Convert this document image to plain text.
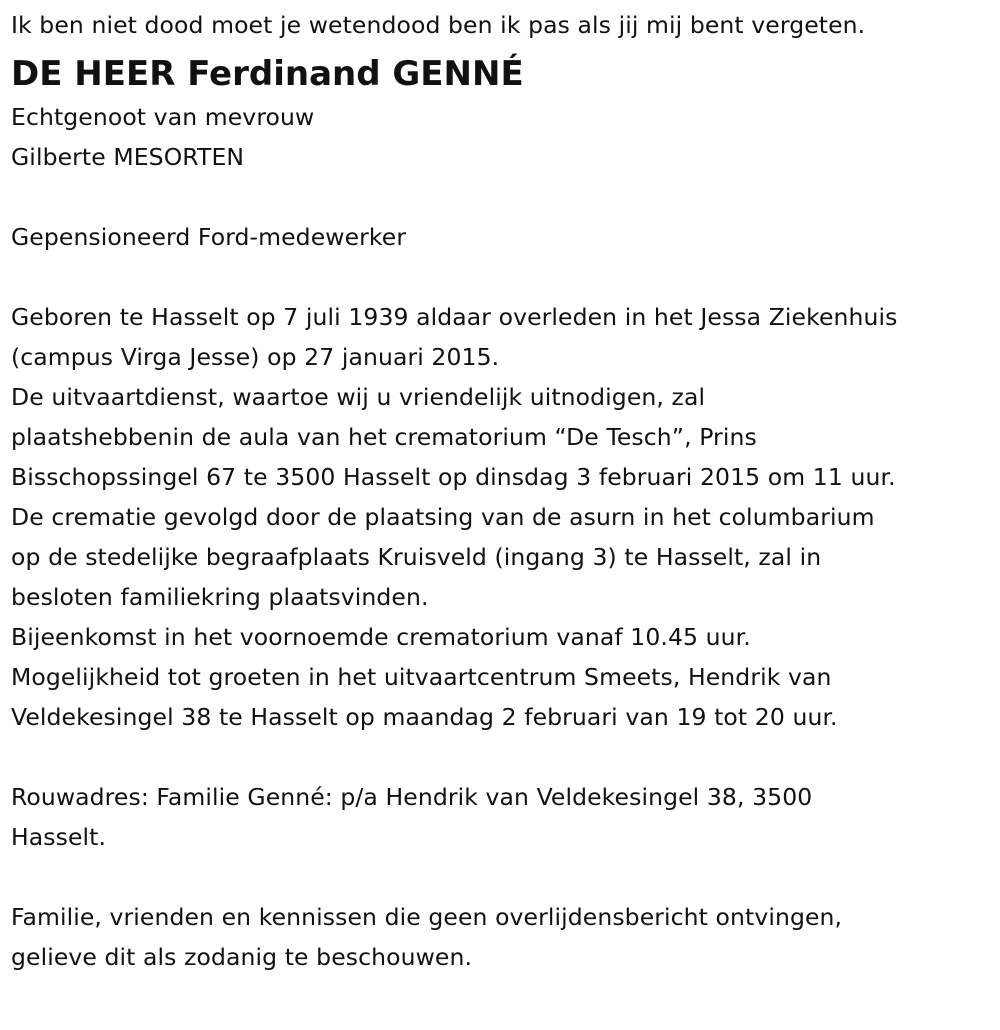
Ik ben niet dood moet je wetendood ben ik pas als jij mij bent vergeten.
DE HEER Ferdinand GENNÉ
Echtgenoot van mevrouw
Gilberte MESORTEN
Gepensioneerd Ford-medewerker
Geboren te Hasselt op 7 juli 1939 aldaar overleden in het Jessa Ziekenhuis
(campus Virga Jesse) op 27 januari 2015.
De uitvaartdienst, waartoe wij u vriendelijk uitnodigen, zal
plaatshebbenin de aula van het crematorium “De Tesch”, Prins
Bisschopssingel 67 te 3500 Hasselt op dinsdag 3 februari 2015 om 11 uur.
De crematie gevolgd door de plaatsing van de asurn in het columbarium
op de stedelijke begraafplaats Kruisveld (ingang 3) te Hasselt, zal in
besloten familiekring plaatsvinden.
Bijeenkomst in het voornoemde crematorium vanaf 10.45 uur.
Mogelijkheid tot groeten in het uitvaartcentrum Smeets, Hendrik van
Veldekesingel 38 te Hasselt op maandag 2 februari van 19 tot 20 uur.
Rouwadres: Familie Genné: p/a Hendrik van Veldekesingel 38, 3500
Hasselt.
Familie, vrienden en kennissen die geen overlijdensbericht ontvingen,
gelieve dit als zodanig te beschouwen.
